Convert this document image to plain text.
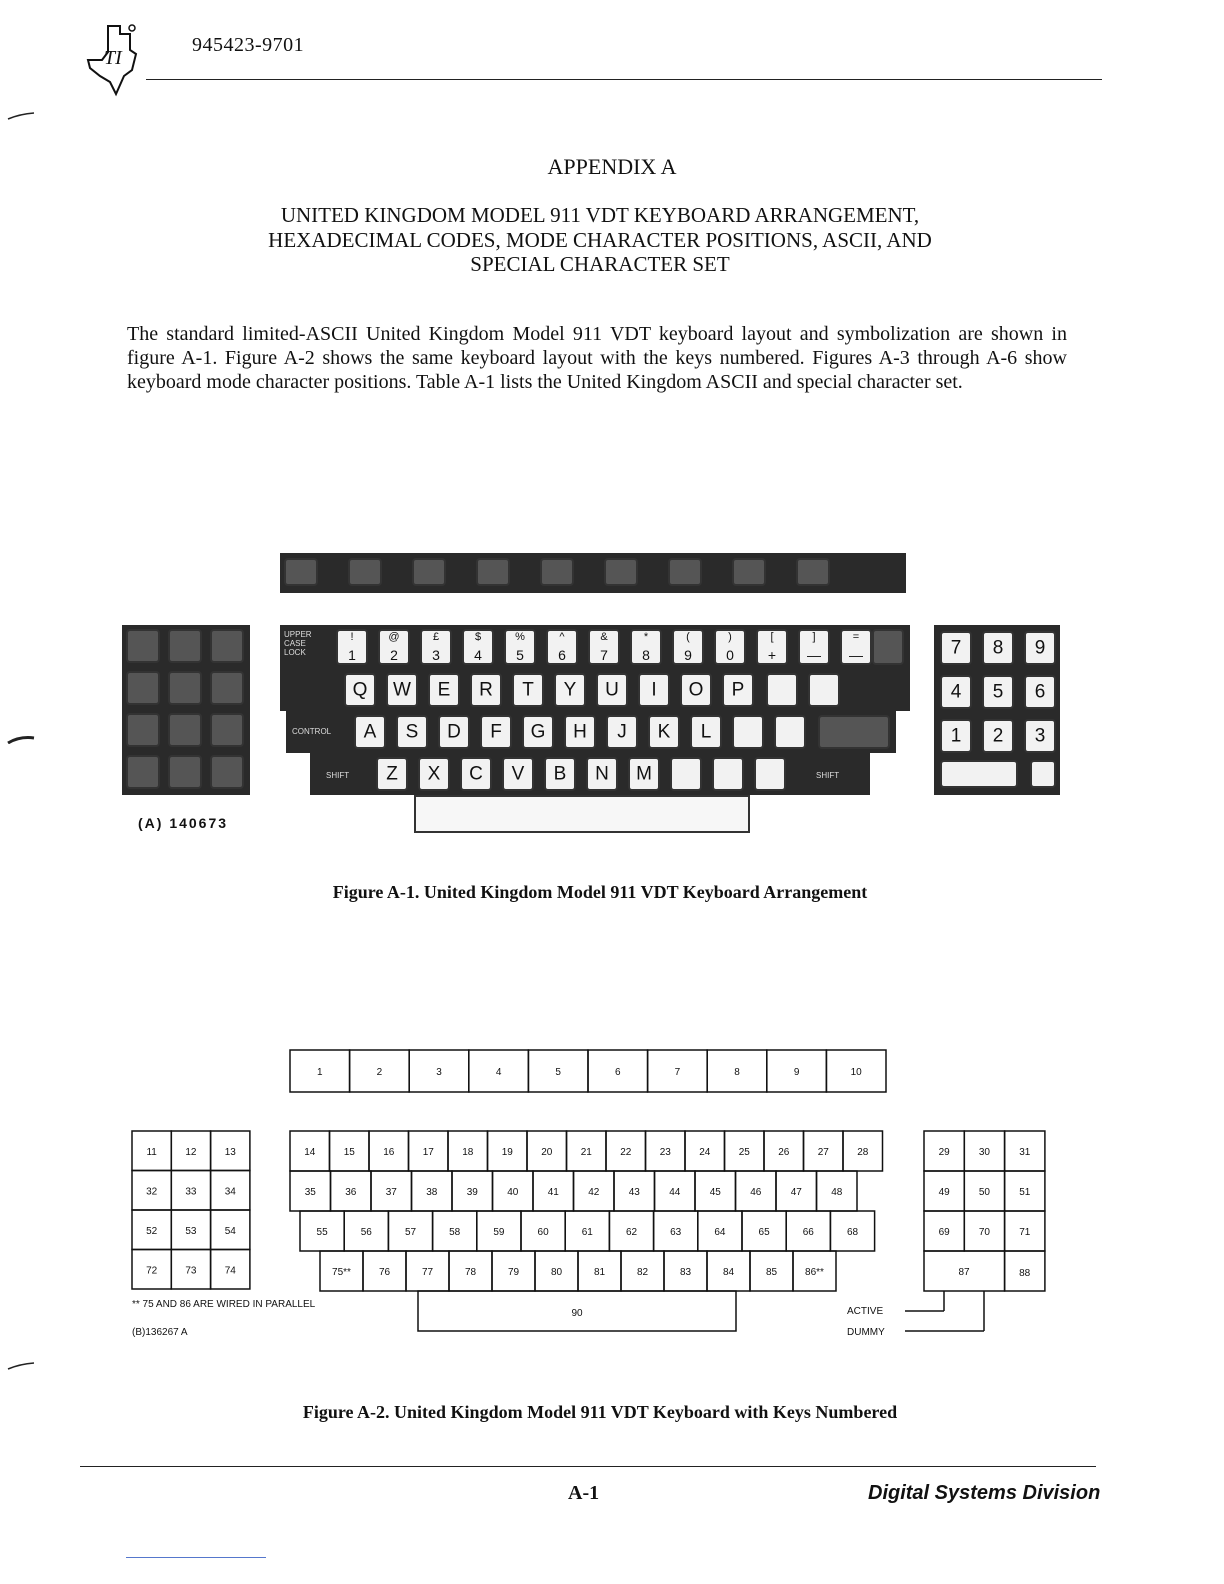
TI
945423-9701
APPENDIX A
UNITED KINGDOM MODEL 911 VDT KEYBOARD ARRANGEMENT,
HEXADECIMAL CODES, MODE CHARACTER POSITIONS, ASCII, AND
SPECIAL CHARACTER SET
The standard limited-ASCII United Kingdom Model 911 VDT keyboard layout and symbolization are shown in figure A-1. Figure A-2 shows the same keyboard layout with the keys numbered. Figures A-3 through A-6 show keyboard mode character positions. Table A-1 lists the United Kingdom ASCII and special character set.
UPPER CASE LOCK
CONTROL
SHIFT	SHIFT
!
1
@
2
£
3
$
4
%
5
^
6
&
7
*
8
(
9
)
0
[
+
]
—
=
—
Q	W	E	R	T	Y	U	I	O	P
A	S	D	F	G	H	J	K	L
Z	X	C	V	B	N	M
7	8	9
4	5	6
1	2	3
(A) 140673
Figure A-1. United Kingdom Model 911 VDT Keyboard Arrangement
1	2	3	4	5	6	7	8	9	10
11	12	13
32	33	34
52	53	54
72	73	74
14	15	16	17	18	19	20	21	22	23	24	25	26	27	28
35	36	37	38	39	40	41	42	43	44	45	46	47	48
55	56	57	58	59	60	61	62	63	64	65	66	68
75**	76	77	78	79	80	81	82	83	84	85	86**
90
29	30	31
49	50	51
69	70	71
87	88
ACTIVE
DUMMY
** 75 AND 86 ARE WIRED IN PARALLEL
(B)136267 A
Figure A-2. United Kingdom Model 911 VDT Keyboard with Keys Numbered
A-1	Digital Systems Division
